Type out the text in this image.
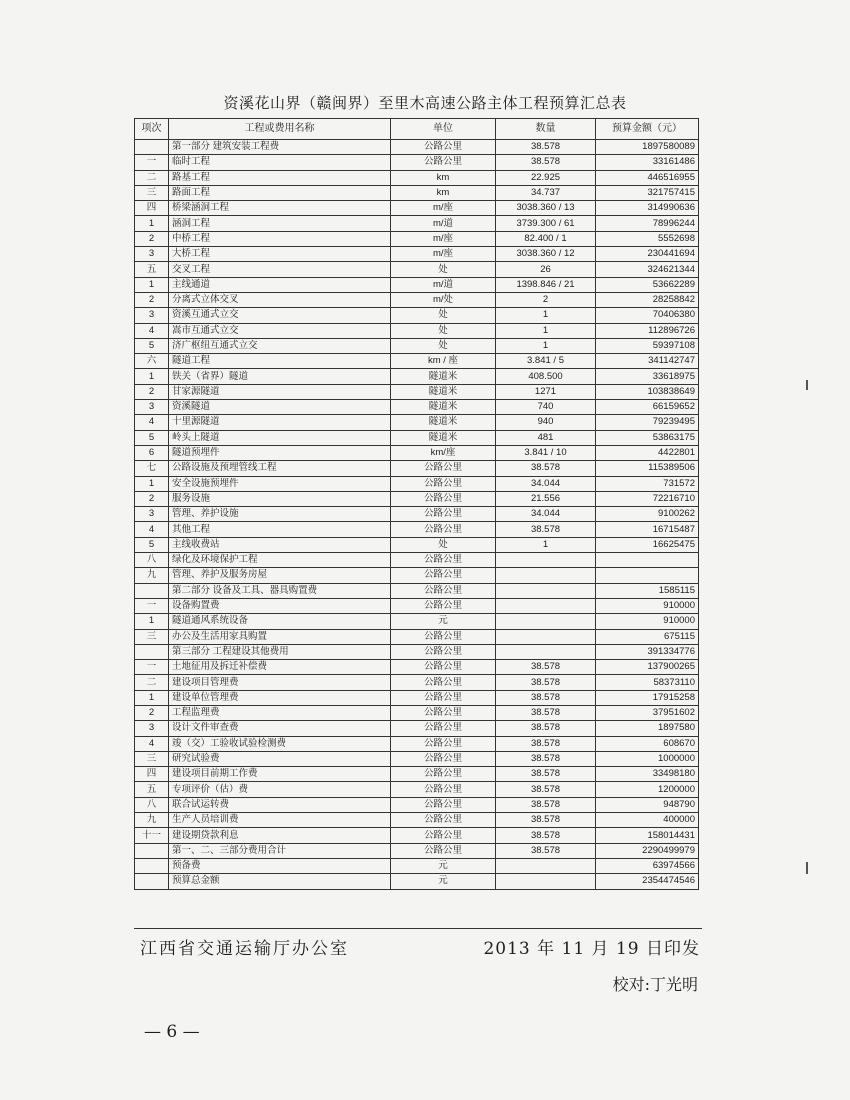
资溪花山界（赣闽界）至里木高速公路主体工程预算汇总表
项次	工程或费用名称	单位	数量	预算金额（元）
	第一部分 建筑安装工程费	公路公里	38.578	1897580089
一	临时工程	公路公里	38.578	33161486
二	路基工程	km	22.925	446516955
三	路面工程	km	34.737	321757415
四	桥梁涵洞工程	m/座	3038.360 / 13	314990636
1	涵洞工程	m/道	3739.300 / 61	78996244
2	中桥工程	m/座	82.400 / 1	5552698
3	大桥工程	m/座	3038.360 / 12	230441694
五	交叉工程	处	26	324621344
1	主线通道	m/道	1398.846 / 21	53662289
2	分离式立体交叉	m/处	2	28258842
3	资溪互通式立交	处	1	70406380
4	嵩市互通式立交	处	1	112896726
5	济广枢纽互通式立交	处	1	59397108
六	隧道工程	km / 座	3.841 / 5	341142747
1	铁关（省界）隧道	隧道米	408.500	33618975
2	甘家源隧道	隧道米	1271	103838649
3	资溪隧道	隧道米	740	66159652
4	十里源隧道	隧道米	940	79239495
5	岭头上隧道	隧道米	481	53863175
6	隧道预埋件	km/座	3.841 / 10	4422801
七	公路设施及预埋管线工程	公路公里	38.578	115389506
1	安全设施预埋件	公路公里	34.044	731572
2	服务设施	公路公里	21.556	72216710
3	管理、养护设施	公路公里	34.044	9100262
4	其他工程	公路公里	38.578	16715487
5	主线收费站	处	1	16625475
八	绿化及环境保护工程	公路公里		
九	管理、养护及服务房屋	公路公里		
	第二部分 设备及工具、器具购置费	公路公里		1585115
一	设备购置费	公路公里		910000
1	隧道通风系统设备	元		910000
三	办公及生活用家具购置	公路公里		675115
	第三部分 工程建设其他费用	公路公里		391334776
一	土地征用及拆迁补偿费	公路公里	38.578	137900265
二	建设项目管理费	公路公里	38.578	58373110
1	建设单位管理费	公路公里	38.578	17915258
2	工程监理费	公路公里	38.578	37951602
3	设计文件审查费	公路公里	38.578	1897580
4	竣（交）工验收试验检测费	公路公里	38.578	608670
三	研究试验费	公路公里	38.578	1000000
四	建设项目前期工作费	公路公里	38.578	33498180
五	专项评价（估）费	公路公里	38.578	1200000
八	联合试运转费	公路公里	38.578	948790
九	生产人员培训费	公路公里	38.578	400000
十一	建设期贷款利息	公路公里	38.578	158014431
	第一、二、三部分费用合计	公路公里	38.578	2290499979
	预备费	元		63974566
	预算总金额	元		2354474546
江西省交通运输厅办公室	2013 年 11 月 19 日印发
校对:丁光明
— 6 —
